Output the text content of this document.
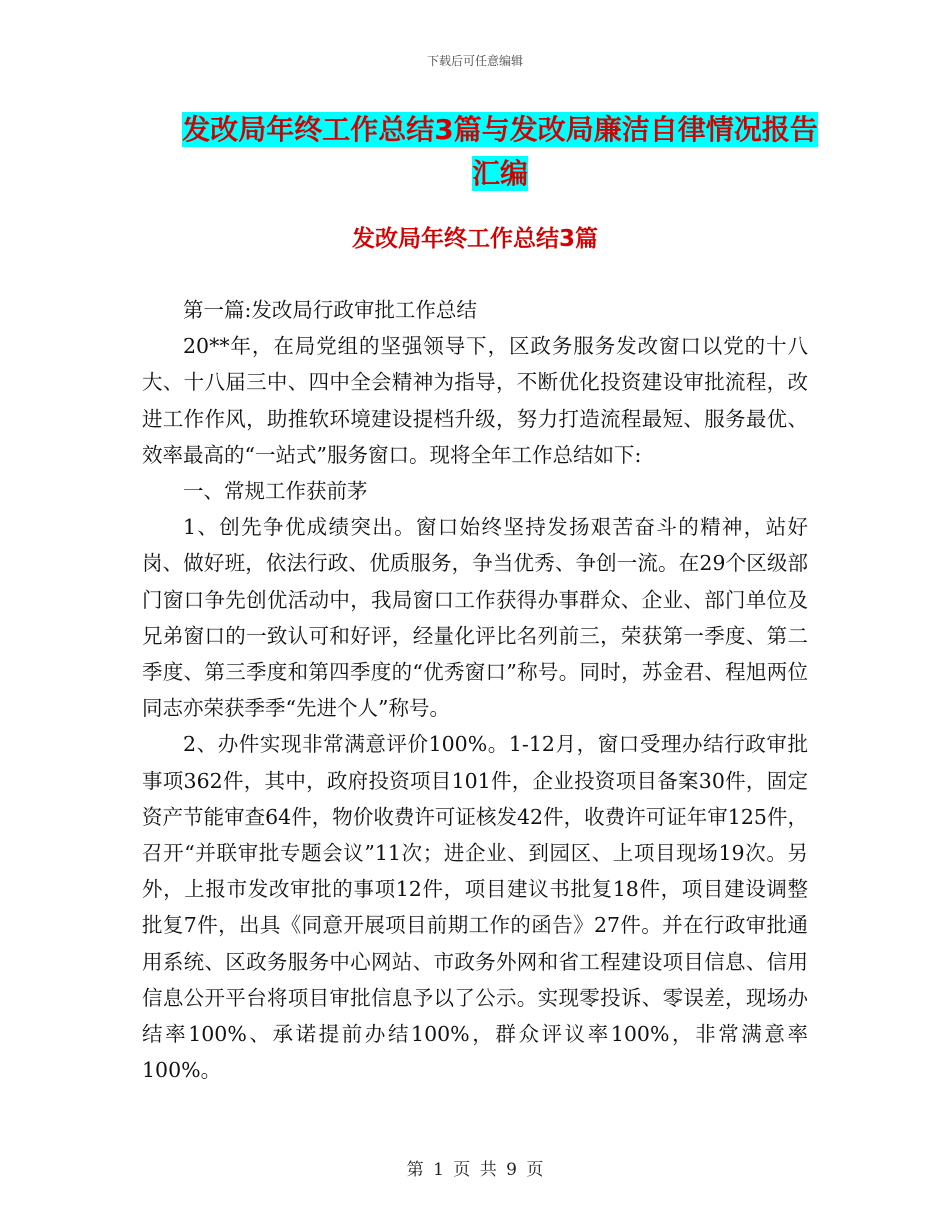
下载后可任意编辑
发改局年终工作总结3篇与发改局廉洁自律情况报告
汇编
发改局年终工作总结3篇

第一篇:发改局行政审批工作总结

20**年，在局党组的坚强领导下，区政务服务发改窗口以党的十八大、十八届三中、四中全会精神为指导，不断优化投资建设审批流程，改进工作作风，助推软环境建设提档升级，努力打造流程最短、服务最优、效率最高的“一站式”服务窗口。现将全年工作总结如下:

一、常规工作获前茅

1、创先争优成绩突出。窗口始终坚持发扬艰苦奋斗的精神，站好岗、做好班，依法行政、优质服务，争当优秀、争创一流。在29个区级部门窗口争先创优活动中，我局窗口工作获得办事群众、企业、部门单位及兄弟窗口的一致认可和好评，经量化评比名列前三，荣获第一季度、第二季度、第三季度和第四季度的“优秀窗口”称号。同时，苏金君、程旭两位同志亦荣获季季“先进个人”称号。

2、办件实现非常满意评价100%。1-12月，窗口受理办结行政审批事项362件，其中，政府投资项目101件，企业投资项目备案30件，固定资产节能审查64件，物价收费许可证核发42件，收费许可证年审125件，召开“并联审批专题会议”11次；进企业、到园区、上项目现场19次。另外，上报市发改审批的事项12件，项目建议书批复18件，项目建设调整批复7件，出具《同意开展项目前期工作的函告》27件。并在行政审批通用系统、区政务服务中心网站、市政务外网和省工程建设项目信息、信用信息公开平台将项目审批信息予以了公示。实现零投诉、零误差，现场办结率100%、承诺提前办结100%，群众评议率100%，非常满意率100%。

第 1 页 共 9 页
